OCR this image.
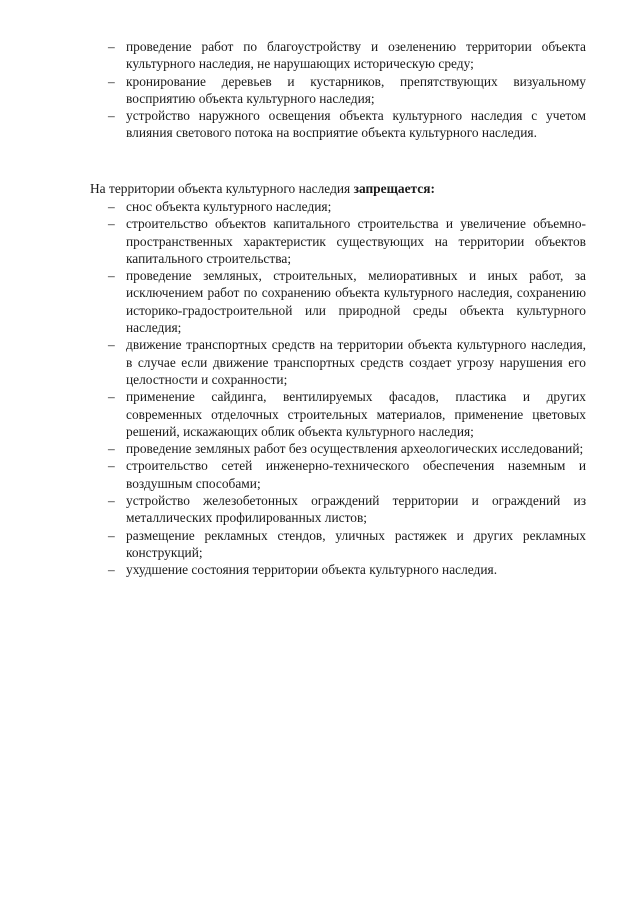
– проведение работ по благоустройству и озеленению территории объекта культурного наследия, не нарушающих историческую среду;
– кронирование деревьев и кустарников, препятствующих визуальному восприятию объекта культурного наследия;
– устройство наружного освещения объекта культурного наследия с учетом влияния светового потока на восприятие объекта культурного наследия.

На территории объекта культурного наследия запрещается:

– снос объекта культурного наследия;
– строительство объектов капитального строительства и увеличение объемно-пространственных характеристик существующих на территории объектов капитального строительства;
– проведение земляных, строительных, мелиоративных и иных работ, за исключением работ по сохранению объекта культурного наследия, сохранению историко-градостроительной или природной среды объекта культурного наследия;
– движение транспортных средств на территории объекта культурного наследия, в случае если движение транспортных средств создает угрозу нарушения его целостности и сохранности;
– применение сайдинга, вентилируемых фасадов, пластика и других современных отделочных строительных материалов, применение цветовых решений, искажающих облик объекта культурного наследия;
– проведение земляных работ без осуществления археологических исследований;
– строительство сетей инженерно-технического обеспечения наземным и воздушным способами;
– устройство железобетонных ограждений территории и ограждений из металлических профилированных листов;
– размещение рекламных стендов, уличных растяжек и других рекламных конструкций;
– ухудшение состояния территории объекта культурного наследия.
